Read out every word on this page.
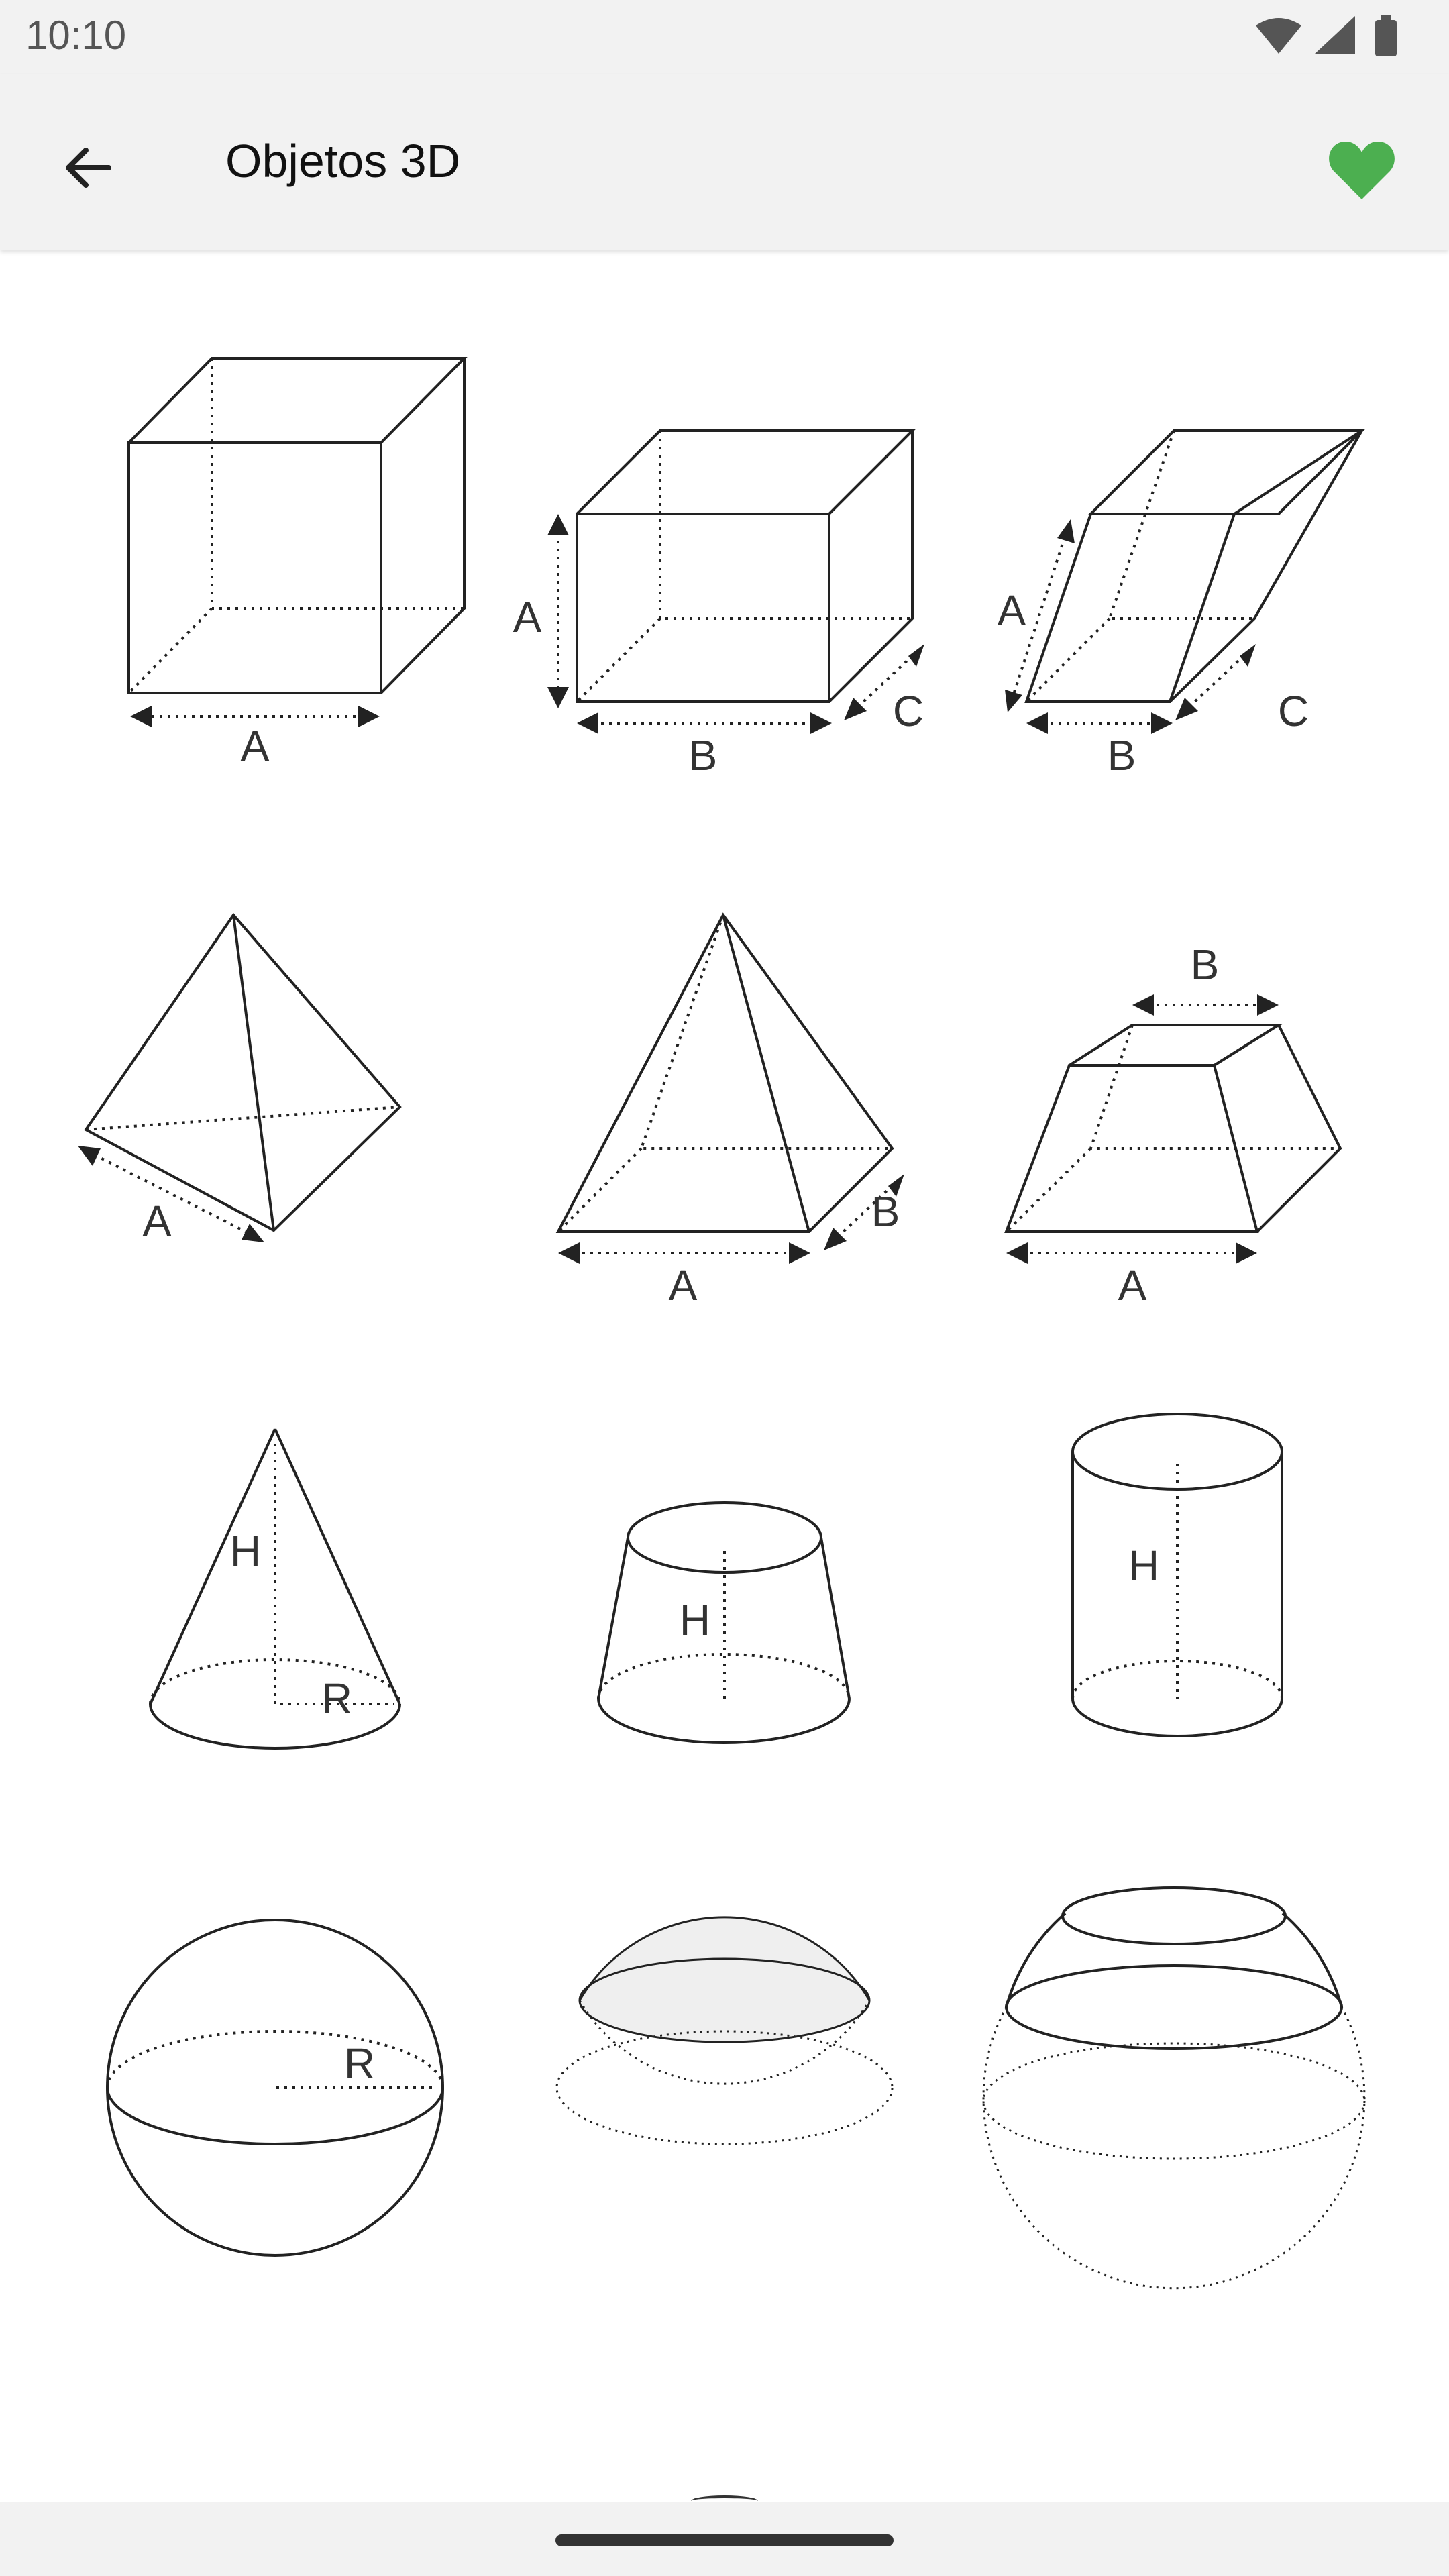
10:10
Objetos 3D
A
A
B
C
A
B
C
A
A
B
B
A
H
R
H
H
R
